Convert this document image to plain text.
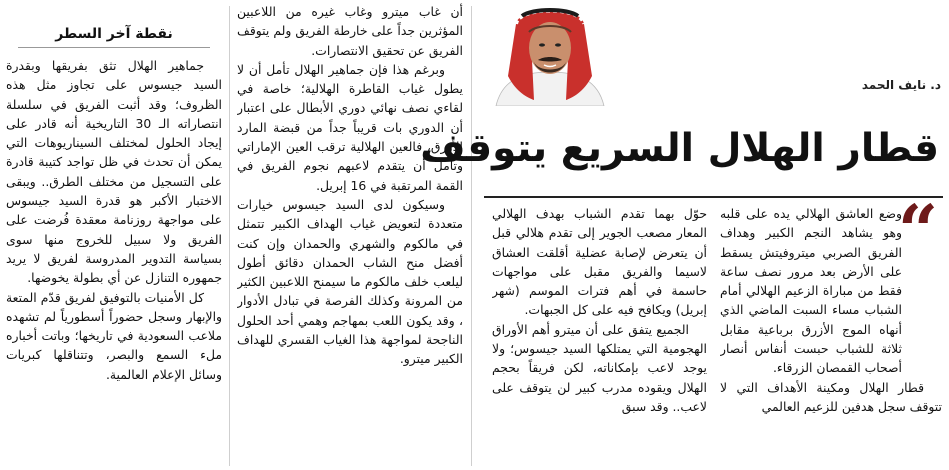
نقطة آخر السطر

جماهير الهلال تثق بفريقها وبقدرة السيد جيسوس على تجاوز مثل هذه الظروف؛ وقد أثبت الفريق في سلسلة انتصاراته الـ 30 التاريخية أنه قادر على إيجاد الحلول لمختلف السيناريوهات التي يمكن أن تحدث في ظل تواجد كتيبة قادرة على التسجيل من مختلف الطرق.. ويبقى الاختبار الأكبر هو قدرة السيد جيسوس على مواجهة روزنامة معقدة فُرضت على الفريق ولا سبيل للخروج منها سوى بسياسة التدوير المدروسة لفريق لا يريد جمهوره التنازل عن أي بطولة يخوضها.

كل الأمنيات بالتوفيق لفريق قدّم المتعة والإبهار وسجل حضوراً أسطورياً لم تشهده ملاعب السعودية في تاريخها؛ وباتت أخباره ملء السمع والبصر، وتتناقلها كبريات وسائل الإعلام العالمية.

أن غاب ميترو وغاب غيره من اللاعبين المؤثرين جداً على خارطة الفريق ولم يتوقف الفريق عن تحقيق الانتصارات.

وبرغم هذا فإن جماهير الهلال تأمل أن لا يطول غياب القاطرة الهلالية؛ خاصة في لقاءي نصف نهائي دوري الأبطال على اعتبار أن الدوري بات قريباً جداً من قبضة المارد الأزرق، فالعين الهلالية ترقب العين الإماراتي وتأمل أن يتقدم لاعبهم نجوم الفريق في القمة المرتقبة في 16 إبريل.

وسيكون لدى السيد جيسوس خيارات متعددة لتعويض غياب الهداف الكبير تتمثل في مالكوم والشهري والحمدان وإن كنت أفضل منح الشاب الحمدان دقائق أطول ليلعب خلف مالكوم ما سيمنح اللاعبين الكثير من المرونة وكذلك الفرصة في تبادل الأدوار ، وقد يكون اللعب بمهاجم وهمي أحد الحلول الناجحة لمواجهة هذا الغياب القسري للهداف الكبير ميترو.

د. نايف الحمد
قطار الهلال السريع يتوقف
“

وضع العاشق الهلالي يده على قلبه وهو يشاهد النجم الكبير وهداف الفريق الصربي ميتروفيتش يسقط على الأرض بعد مرور نصف ساعة فقط من مباراة الزعيم الهلالي أمام الشباب مساء السبت الماضي الذي أنهاه الموج الأزرق برباعية مقابل ثلاثة للشباب حبست أنفاس أنصار أصحاب القمصان الزرقاء.

قطار الهلال ومكينة الأهداف التي لا تتوقف سجل هدفين للزعيم العالمي

حوّل بهما تقدم الشباب بهدف الهلالي المعار مصعب الجوير إلى تقدم هلالي قبل أن يتعرض لإصابة عضلية أقلقت العشاق لاسيما والفريق مقبل على مواجهات حاسمة في أهم فترات الموسم (شهر إبريل) ويكافح فيه على كل الجبهات.

الجميع يتفق على أن ميترو أهم الأوراق الهجومية التي يمتلكها السيد جيسوس؛ ولا يوجد لاعب بإمكاناته، لكن فريقاً بحجم الهلال ويقوده مدرب كبير لن يتوقف على لاعب.. وقد سبق
